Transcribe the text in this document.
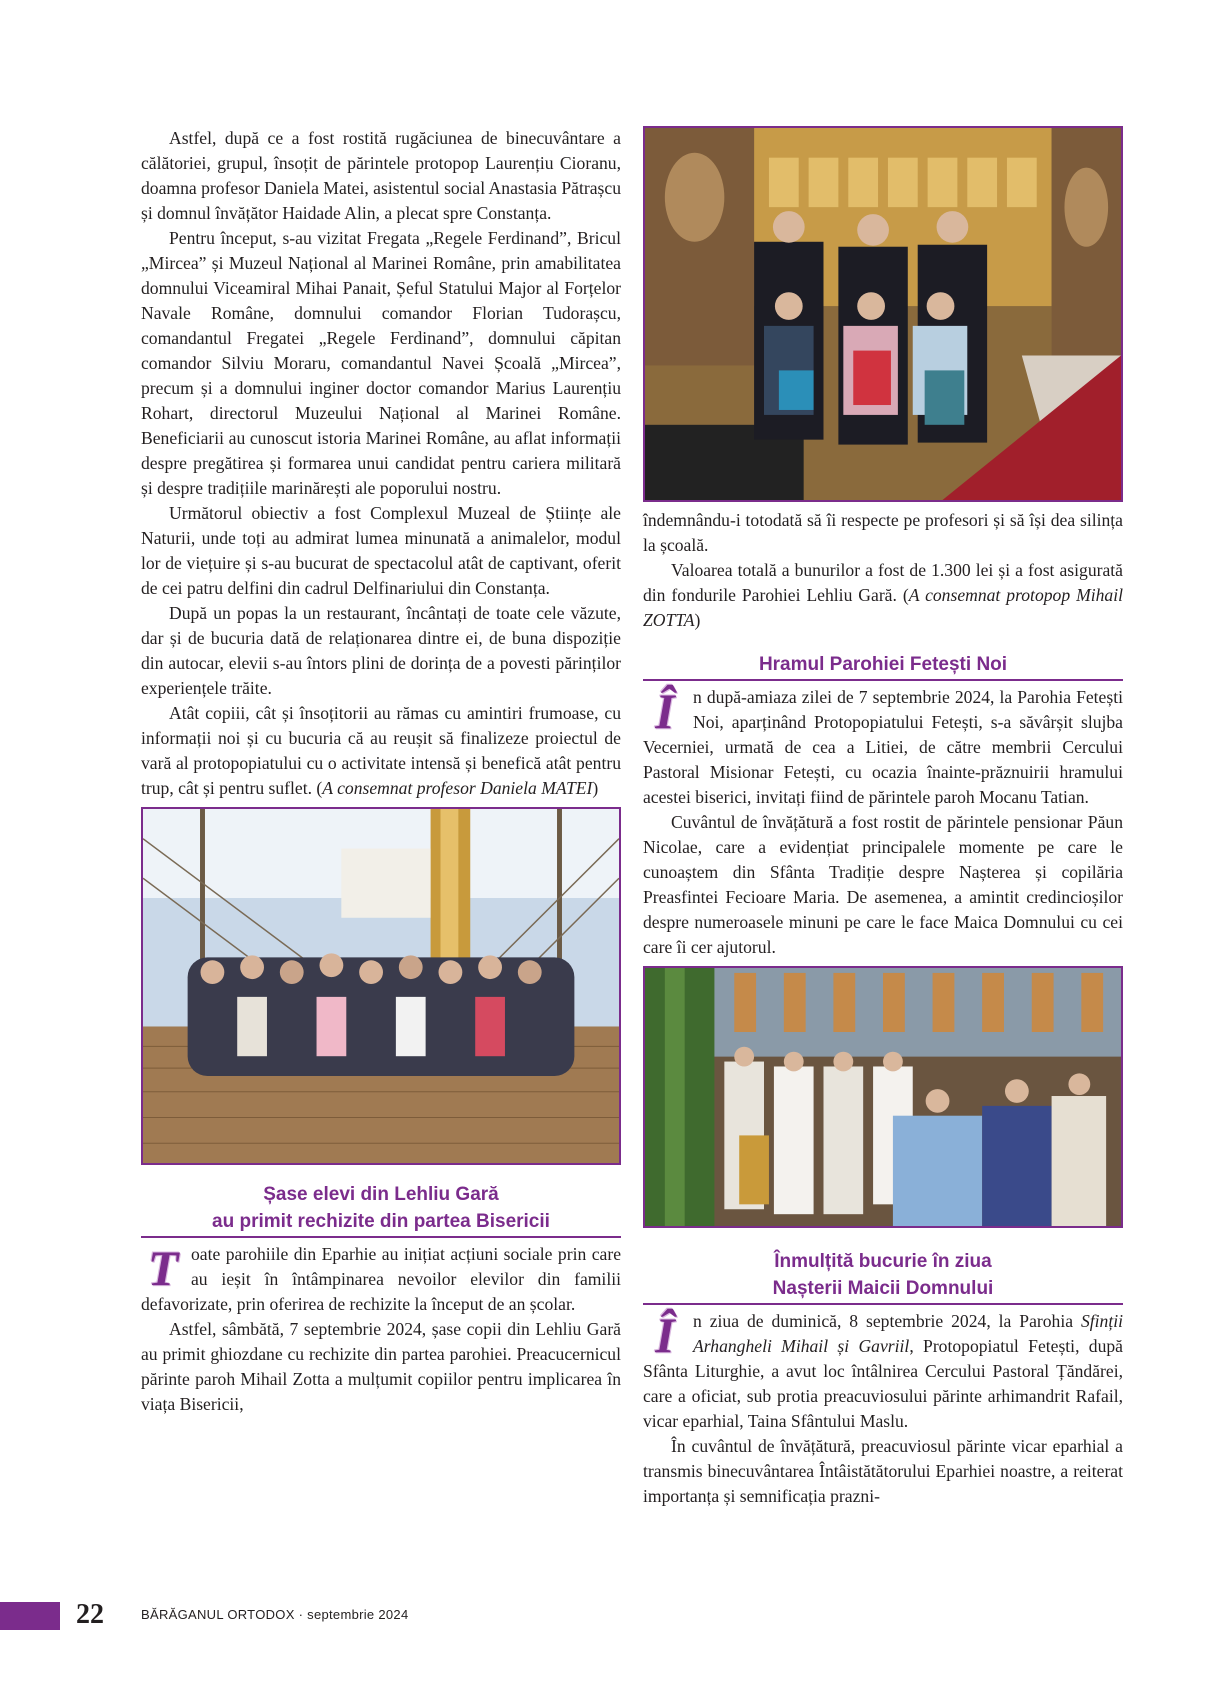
Astfel, după ce a fost rostită rugăciunea de binecuvântare a călătoriei, grupul, însoțit de părintele protopop Laurențiu Cioranu, doamna profesor Daniela Matei, asistentul social Anastasia Pătrașcu și domnul învățător Haidade Alin, a plecat spre Constanța.

Pentru început, s-au vizitat Fregata „Regele Ferdinand”, Bricul „Mircea” și Muzeul Național al Marinei Române, prin amabilitatea domnului Viceamiral Mihai Panait, Șeful Statului Major al Forțelor Navale Române, domnului comandor Florian Tudorașcu, comandantul Fregatei „Regele Ferdinand”, domnului căpitan comandor Silviu Moraru, comandantul Navei Școală „Mircea”, precum și a domnului inginer doctor comandor Marius Laurențiu Rohart, directorul Muzeului Național al Marinei Române. Beneficiarii au cunoscut istoria Marinei Române, au aflat informații despre pregătirea și formarea unui candidat pentru cariera militară și despre tradițiile marinărești ale poporului nostru.

Următorul obiectiv a fost Complexul Muzeal de Științe ale Naturii, unde toți au admirat lumea minunată a animalelor, modul lor de viețuire și s-au bucurat de spectacolul atât de captivant, oferit de cei patru delfini din cadrul Delfinariului din Constanța.

După un popas la un restaurant, încântați de toate cele văzute, dar și de bucuria dată de relaționarea dintre ei, de buna dispoziție din autocar, elevii s-au întors plini de dorința de a povesti părinților experiențele trăite.

Atât copiii, cât și însoțitorii au rămas cu amintiri frumoase, cu informații noi și cu bucuria că au reușit să finalizeze proiectul de vară al protopopiatului cu o activitate intensă și benefică atât pentru trup, cât și pentru suflet. (A consemnat profesor Daniela MATEI)

Șase elevi din Lehliu Gară
au primit rechizite din partea Bisericii

Toate parohiile din Eparhie au inițiat acțiuni sociale prin care au ieșit în întâmpinarea nevoilor elevilor din familii defavorizate, prin oferirea de rechizite la început de an școlar.

Astfel, sâmbătă, 7 septembrie 2024, șase copii din Lehliu Gară au primit ghiozdane cu rechizite din partea parohiei. Preacucernicul părinte paroh Mihail Zotta a mulțumit copiilor pentru implicarea în viața Bisericii,

îndemnându-i totodată să îi respecte pe profesori și să își dea silința la școală.

Valoarea totală a bunurilor a fost de 1.300 lei și a fost asigurată din fondurile Parohiei Lehliu Gară. (A consemnat protopop Mihail ZOTTA)

Hramul Parohiei Fetești Noi

Î	n după-amiaza zilei de 7 septembrie 2024, la Parohia Fetești Noi, aparținând Protopopiatului Fetești, s-a săvârșit slujba Vecerniei, urmată de cea a Litiei, de către membrii Cercului Pastoral Misionar Fetești, cu ocazia înainte-prăznuirii hramului acestei biserici, invitați fiind de părintele paroh Mocanu Tatian.

Cuvântul de învățătură a fost rostit de părintele pensionar Păun Nicolae, care a evidențiat principalele momente pe care le cunoaștem din Sfânta Tradiție despre Nașterea și copilăria Preasfintei Fecioare Maria. De asemenea, a amintit credincioșilor despre numeroasele minuni pe care le face Maica Domnului cu cei care îi cer ajutorul.

Înmulțită bucurie în ziua
Nașterii Maicii Domnului

Î	n ziua de duminică, 8 septembrie 2024, la Parohia Sfinții Arhangheli Mihail și Gavriil, Protopopiatul Fetești, după Sfânta Liturghie, a avut loc întâlnirea Cercului Pastoral Țăndărei, care a oficiat, sub protia preacuviosului părinte arhimandrit Rafail, vicar eparhial, Taina Sfântului Maslu.

În cuvântul de învățătură, preacuviosul părinte vicar eparhial a transmis binecuvântarea Întâistătătorului Eparhiei noastre, a reiterat importanța și semnificația prazni-

22	BĂRĂGANUL ORTODOX · septembrie 2024
